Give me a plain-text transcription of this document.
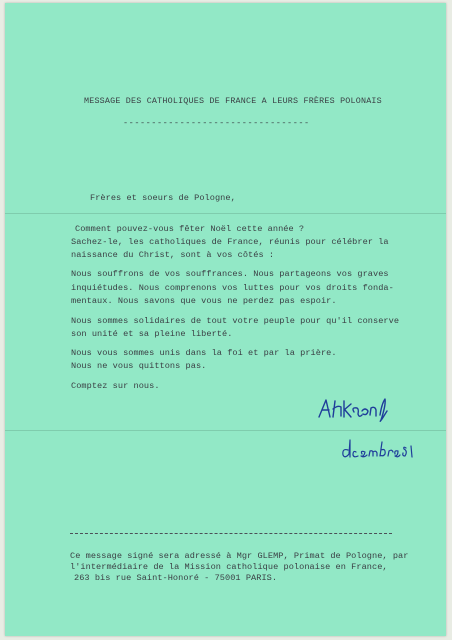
MESSAGE DES CATHOLIQUES DE FRANCE A LEURS FRÈRES POLONAIS
---------------------------------
Frères et soeurs de Pologne,
Comment pouvez-vous fêter Noël cette année ?
Sachez-le, les catholiques de France, réunis pour célébrer la
naissance du Christ, sont à vos côtés :
Nous souffrons de vos souffrances. Nous partageons vos graves
inquiétudes. Nous comprenons vos luttes pour vos droits fonda-
mentaux. Nous savons que vous ne perdez pas espoir.
Nous sommes solidaires de tout votre peuple pour qu'il conserve
son unité et sa pleine liberté.
Nous vous sommes unis dans la foi et par la prière.
Nous ne vous quittons pas.
Comptez sur nous.
Ce message signé sera adressé à Mgr GLEMP, Primat de Pologne, par
l'intermédiaire de la Mission catholique polonaise en France,
263 bis rue Saint-Honoré - 75001 PARIS.
